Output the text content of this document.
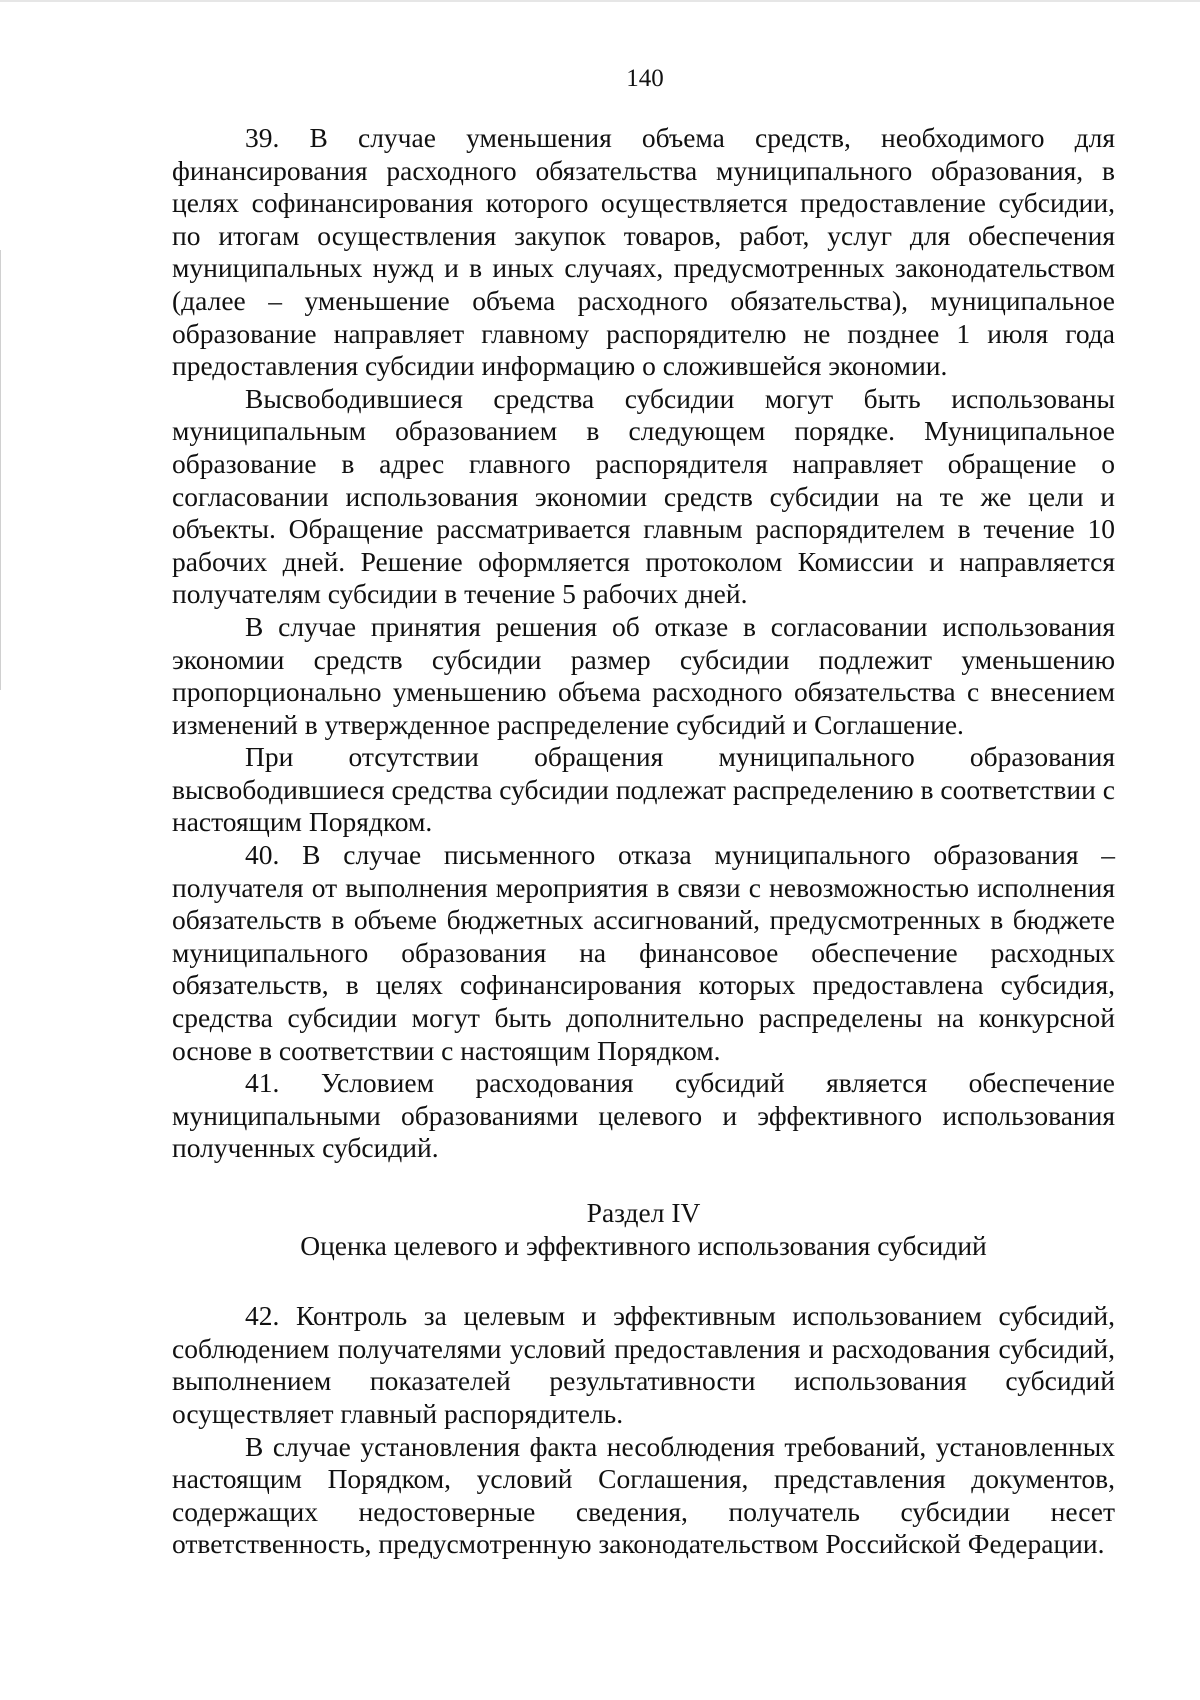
140

39. В случае уменьшения объема средств, необходимого для финансирования расходного обязательства муниципального образования, в целях софинансирования которого осуществляется предоставление субсидии, по итогам осуществления закупок товаров, работ, услуг для обеспечения муниципальных нужд и в иных случаях, предусмотренных законодательством (далее – уменьшение объема расходного обязательства), муниципальное образование направляет главному распорядителю не позднее 1 июля года предоставления субсидии информацию о сложившейся экономии.

Высвободившиеся средства субсидии могут быть использованы муниципальным образованием в следующем порядке. Муниципальное образование в адрес главного распорядителя направляет обращение о согласовании использования экономии средств субсидии на те же цели и объекты. Обращение рассматривается главным распорядителем в течение 10 рабочих дней. Решение оформляется протоколом Комиссии и направляется получателям субсидии в течение 5 рабочих дней.

В случае принятия решения об отказе в согласовании использования экономии средств субсидии размер субсидии подлежит уменьшению пропорционально уменьшению объема расходного обязательства с внесением изменений в утвержденное распределение субсидий и Соглашение.

При отсутствии обращения муниципального образования высвободившиеся средства субсидии подлежат распределению в соответствии с настоящим Порядком.

40. В случае письменного отказа муниципального образования – получателя от выполнения мероприятия в связи с невозможностью исполнения обязательств в объеме бюджетных ассигнований, предусмотренных в бюджете муниципального образования на финансовое обеспечение расходных обязательств, в целях софинансирования которых предоставлена субсидия, средства субсидии могут быть дополнительно распределены на конкурсной основе в соответствии с настоящим Порядком.

41. Условием расходования субсидий является обеспечение муниципальными образованиями целевого и эффективного использования полученных субсидий.

Раздел IV

Оценка целевого и эффективного использования субсидий

42. Контроль за целевым и эффективным использованием субсидий, соблюдением получателями условий предоставления и расходования субсидий, выполнением показателей результативности использования субсидий осуществляет главный распорядитель.

В случае установления факта несоблюдения требований, установленных настоящим Порядком, условий Соглашения, представления документов, содержащих недостоверные сведения, получатель субсидии несет ответственность, предусмотренную законодательством Российской Федерации.
